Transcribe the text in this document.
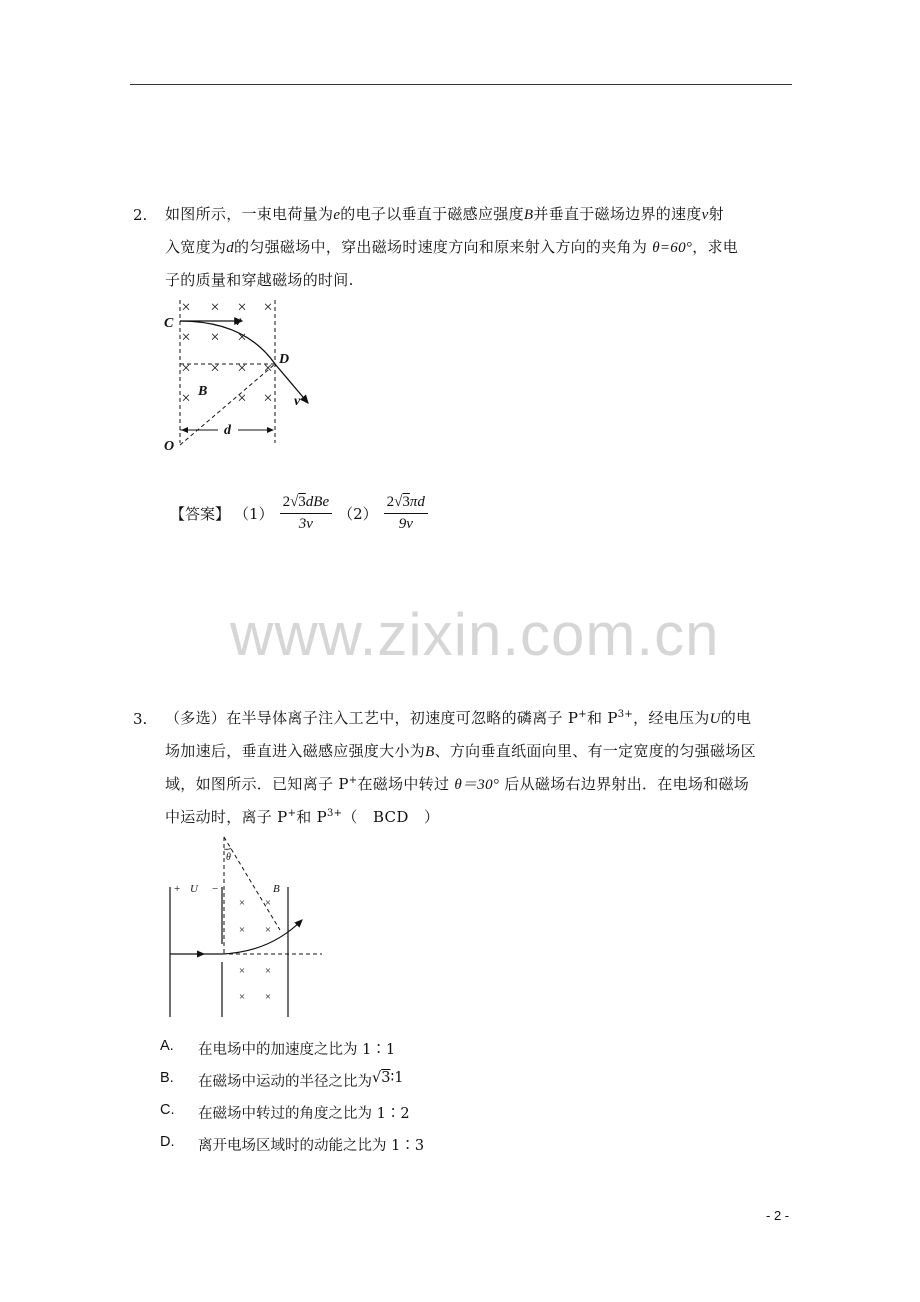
2. 如图所示，一束电荷量为e的电子以垂直于磁感应强度B并垂直于磁场边界的速度v射

入宽度为d的匀强磁场中，穿出磁场时速度方向和原来射入方向的夹角为 θ=60°，求电

子的质量和穿越磁场的时间.

× × × ×
× × ×
× × × ×
×	× ×
C
D
O
B
v
v
d
【答案】 $(1) \frac{\text{2√3dBe}}{3v} (2) \frac{2√3\pi d}{9v}$
www.zixin.com.cn
3. （多选）在半导体离子注入工艺中，初速度可忽略的磷离子 P+和 $P^{3+}$，经电压为U的电

场加速后，垂直进入磁感应强度大小为B、方向垂直纸面向里、有一定宽度的匀强磁场区

域，如图所示．已知离子 P+在磁场中转过 θ＝30° 后从磁场右边界射出．在电场和磁场

中运动时，离子 P+和 $P^{3+}$（　BCD　）

× ×
× ×
× ×
× ×
+ U −	B
θ
A.	在电场中的加速度之比为 1∶1
B.	在磁场中运动的半径之比为 √3 ∶1
C.	在磁场中转过的角度之比为 1∶2
D.	离开电场区域时的动能之比为 1∶3
- 2 -
